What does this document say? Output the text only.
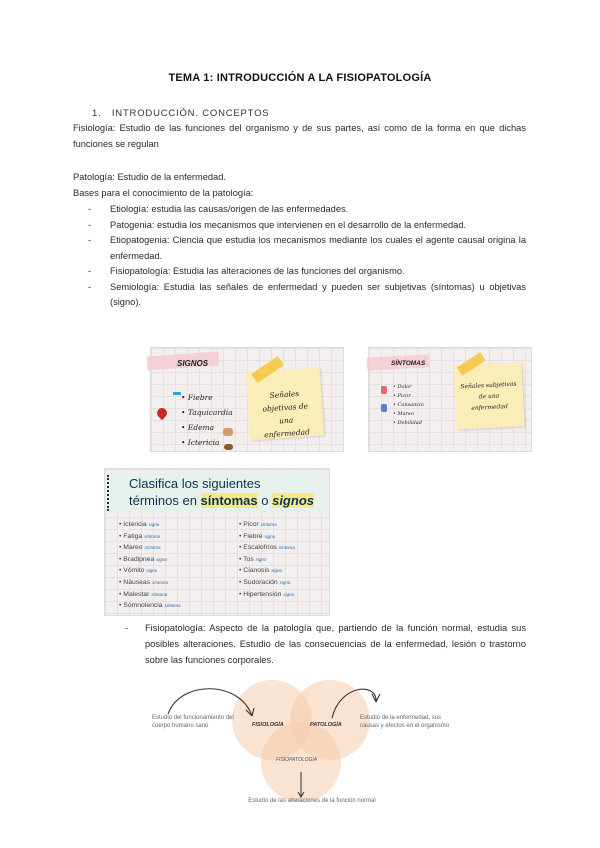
TEMA 1: INTRODUCCIÓN A LA FISIOPATOLOGÍA
1. INTRODUCCIÓN. CONCEPTOS
Fisiología: Estudio de las funciones del organismo y de sus partes, así como de la forma en que dichas funciones se regulan
Patología: Estudio de la enfermedad.
Bases para el conocimiento de la patología:
- Etiología: estudia las causas/origen de las enfermedades.
- Patogenia: estudia los mecanismos que intervienen en el desarrollo de la enfermedad.
- Etiopatogenia: Ciencia que estudia los mecanismos mediante los cuales el agente causal origina la enfermedad.
- Fisiopatología: Estudia las alteraciones de las funciones del organismo.
- Semiología: Estudia las señales de enfermedad y pueden ser subjetivas (síntomas) u objetivas (signo).
SIGNOS
• Fiebre
• Taquicardia
• Edema
• Ictericia
Señales objetivas de una enfermedad
SÍNTOMAS
• Dolor
• Picor
• Cansancio
• Mareo
• Debilidad
Señales subjetivas de una enfermedad
Clasifica los siguientes
términos en síntomas o signos
• Ictericia signo
• Fatiga síntoma
• Mareo síntoma
• Bradipnea signo
• Vómito signo
• Náuseas síntoma
• Malestar síntoma
• Somnolencia síntoma
• Picor síntoma
• Fiebre signo
• Escalofríos síntoma
• Tos signo
• Cianosis signo
• Sudoración signo
• Hipertensión signo
- Fisiopatología: Aspecto de la patología que, partiendo de la función normal, estudia sus posibles alteraciones. Estudio de las consecuencias de la enfermedad, lesión o trastorno sobre las funciones corporales.
FISIOLOGÍA	PATOLOGÍA
FISIOPATOLOGÍA
Estudio del funcionamiento del cuerpo humano sano
Estudio de la enfermedad, sus causas y efectos en el organismo
Estudio de las alteraciones de la función normal
